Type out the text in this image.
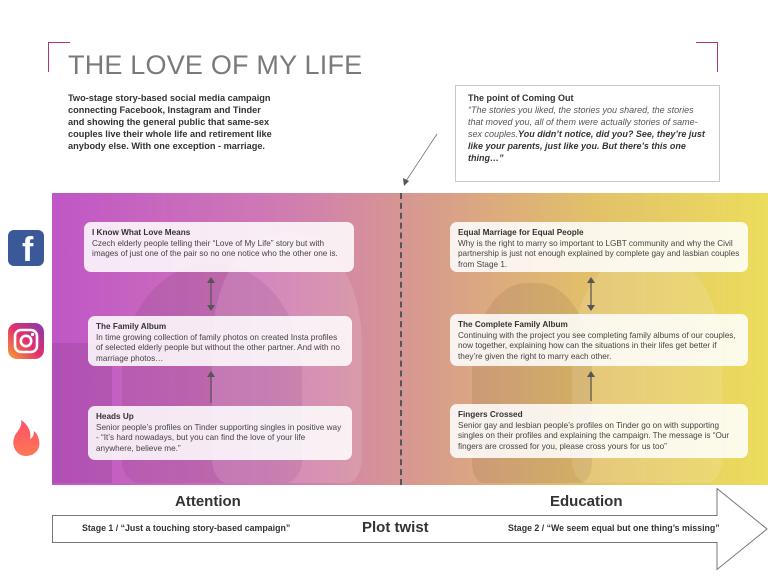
THE LOVE OF MY LIFE

Two-stage story-based social media campaign connecting Facebook, Instagram and Tinder and showing the general public that same-sex couples live their whole life and retirement like anybody else. With one exception - marriage.

The point of Coming Out
“The stories you liked, the stories you shared, the stories that moved you, all of them were actually stories of same-sex couples.You didn’t notice, did you? See, they’re just like your parents, just like you. But there’s this one thing…”
f	I Know What Love Means
Czech elderly people telling their “Love of My Life” story but with images of just one of the pair so no one notice who the other one is.
The Family Album
In time growing collection of family photos on created Insta profiles of selected elderly people but without the other partner. And with no marriage photos…
Heads Up
Senior people’s profiles on Tinder supporting singles in positive way - “It’s hard nowadays, but you can find the love of your life anywhere, believe me.”
Equal Marriage for Equal People
Why is the right to marry so important to LGBT community and why the Civil partnership is just not enough explained by complete gay and lasbian couples from Stage 1.
The Complete Family Album
Continuing with the project you see completing family albums of our couples, now together, explaining how can the situations in their lifes get better if they’re given the right to marry each other.
Fingers Crossed
Senior gay and lesbian people’s profiles on Tinder go on with supporting singles on their profiles and explaining the campaign. The message is “Our fingers are crossed for you, please cross yours for us too”
Attention	Education
Stage 1 / “Just a touching story-based campaign”	Plot twist	Stage 2 / “We seem equal but one thing’s missing”
